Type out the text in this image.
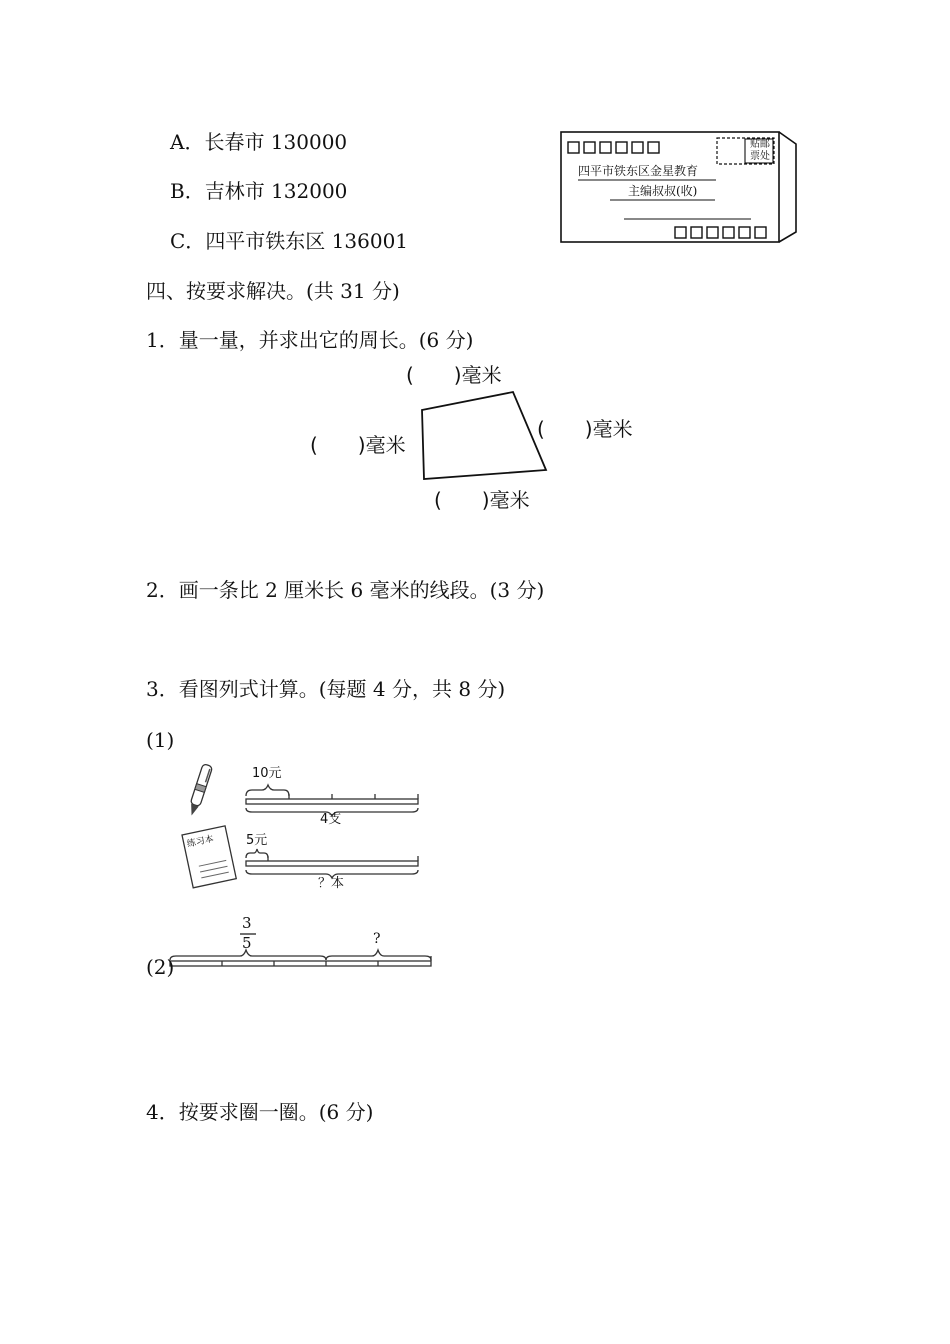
A．长春市 130000
B．吉林市 132000
C．四平市铁东区 136001
贴邮票处
四平市铁东区金星教育
主编叔叔(收)
四、按要求解决。(共 31 分)
1．量一量，并求出它的周长。(6 分)
(　　)毫米
(　　)毫米
(　　)毫米
(　　)毫米
2．画一条比 2 厘米长 6 毫米的线段。(3 分)
3．看图列式计算。(每题 4 分，共 8 分)
(1)
10元
4支
练习本 5元
？本
(2)
3
5	?
4．按要求圈一圈。(6 分)
